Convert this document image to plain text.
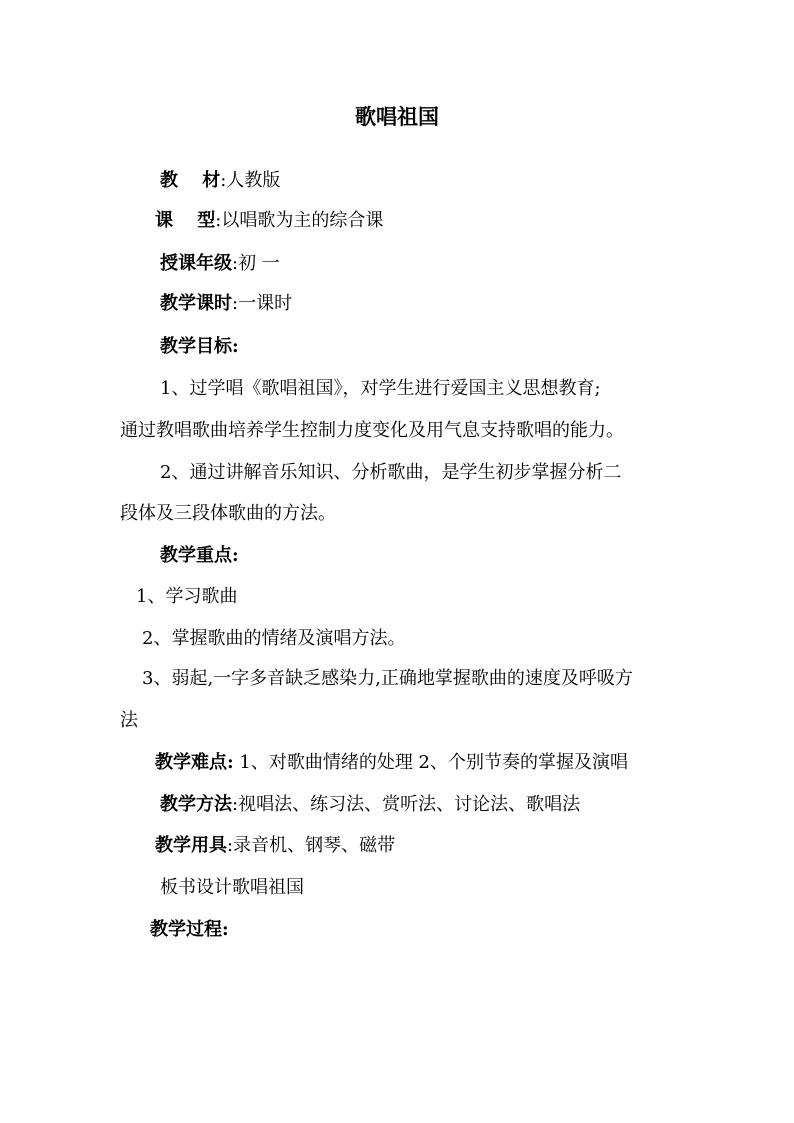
歌唱祖国
教　 材:人教版
课　 型:以唱歌为主的综合课
授课年级:初 一
教学课时:一课时
教学目标:
1、过学唱《歌唱祖国》，对学生进行爱国主义思想教育;
通过教唱歌曲培养学生控制力度变化及用气息支持歌唱的能力。
2、通过讲解音乐知识、分析歌曲，是学生初步掌握分析二
段体及三段体歌曲的方法。
教学重点:
1、学习歌曲
2、掌握歌曲的情绪及演唱方法。
3、弱起,一字多音缺乏感染力,正确地掌握歌曲的速度及呼吸方
法
教学难点: 1、对歌曲情绪的处理 2、个别节奏的掌握及演唱
教学方法:视唱法、练习法、赏听法、讨论法、歌唱法
教学用具:录音机、钢琴、磁带
板书设计歌唱祖国
教学过程:
